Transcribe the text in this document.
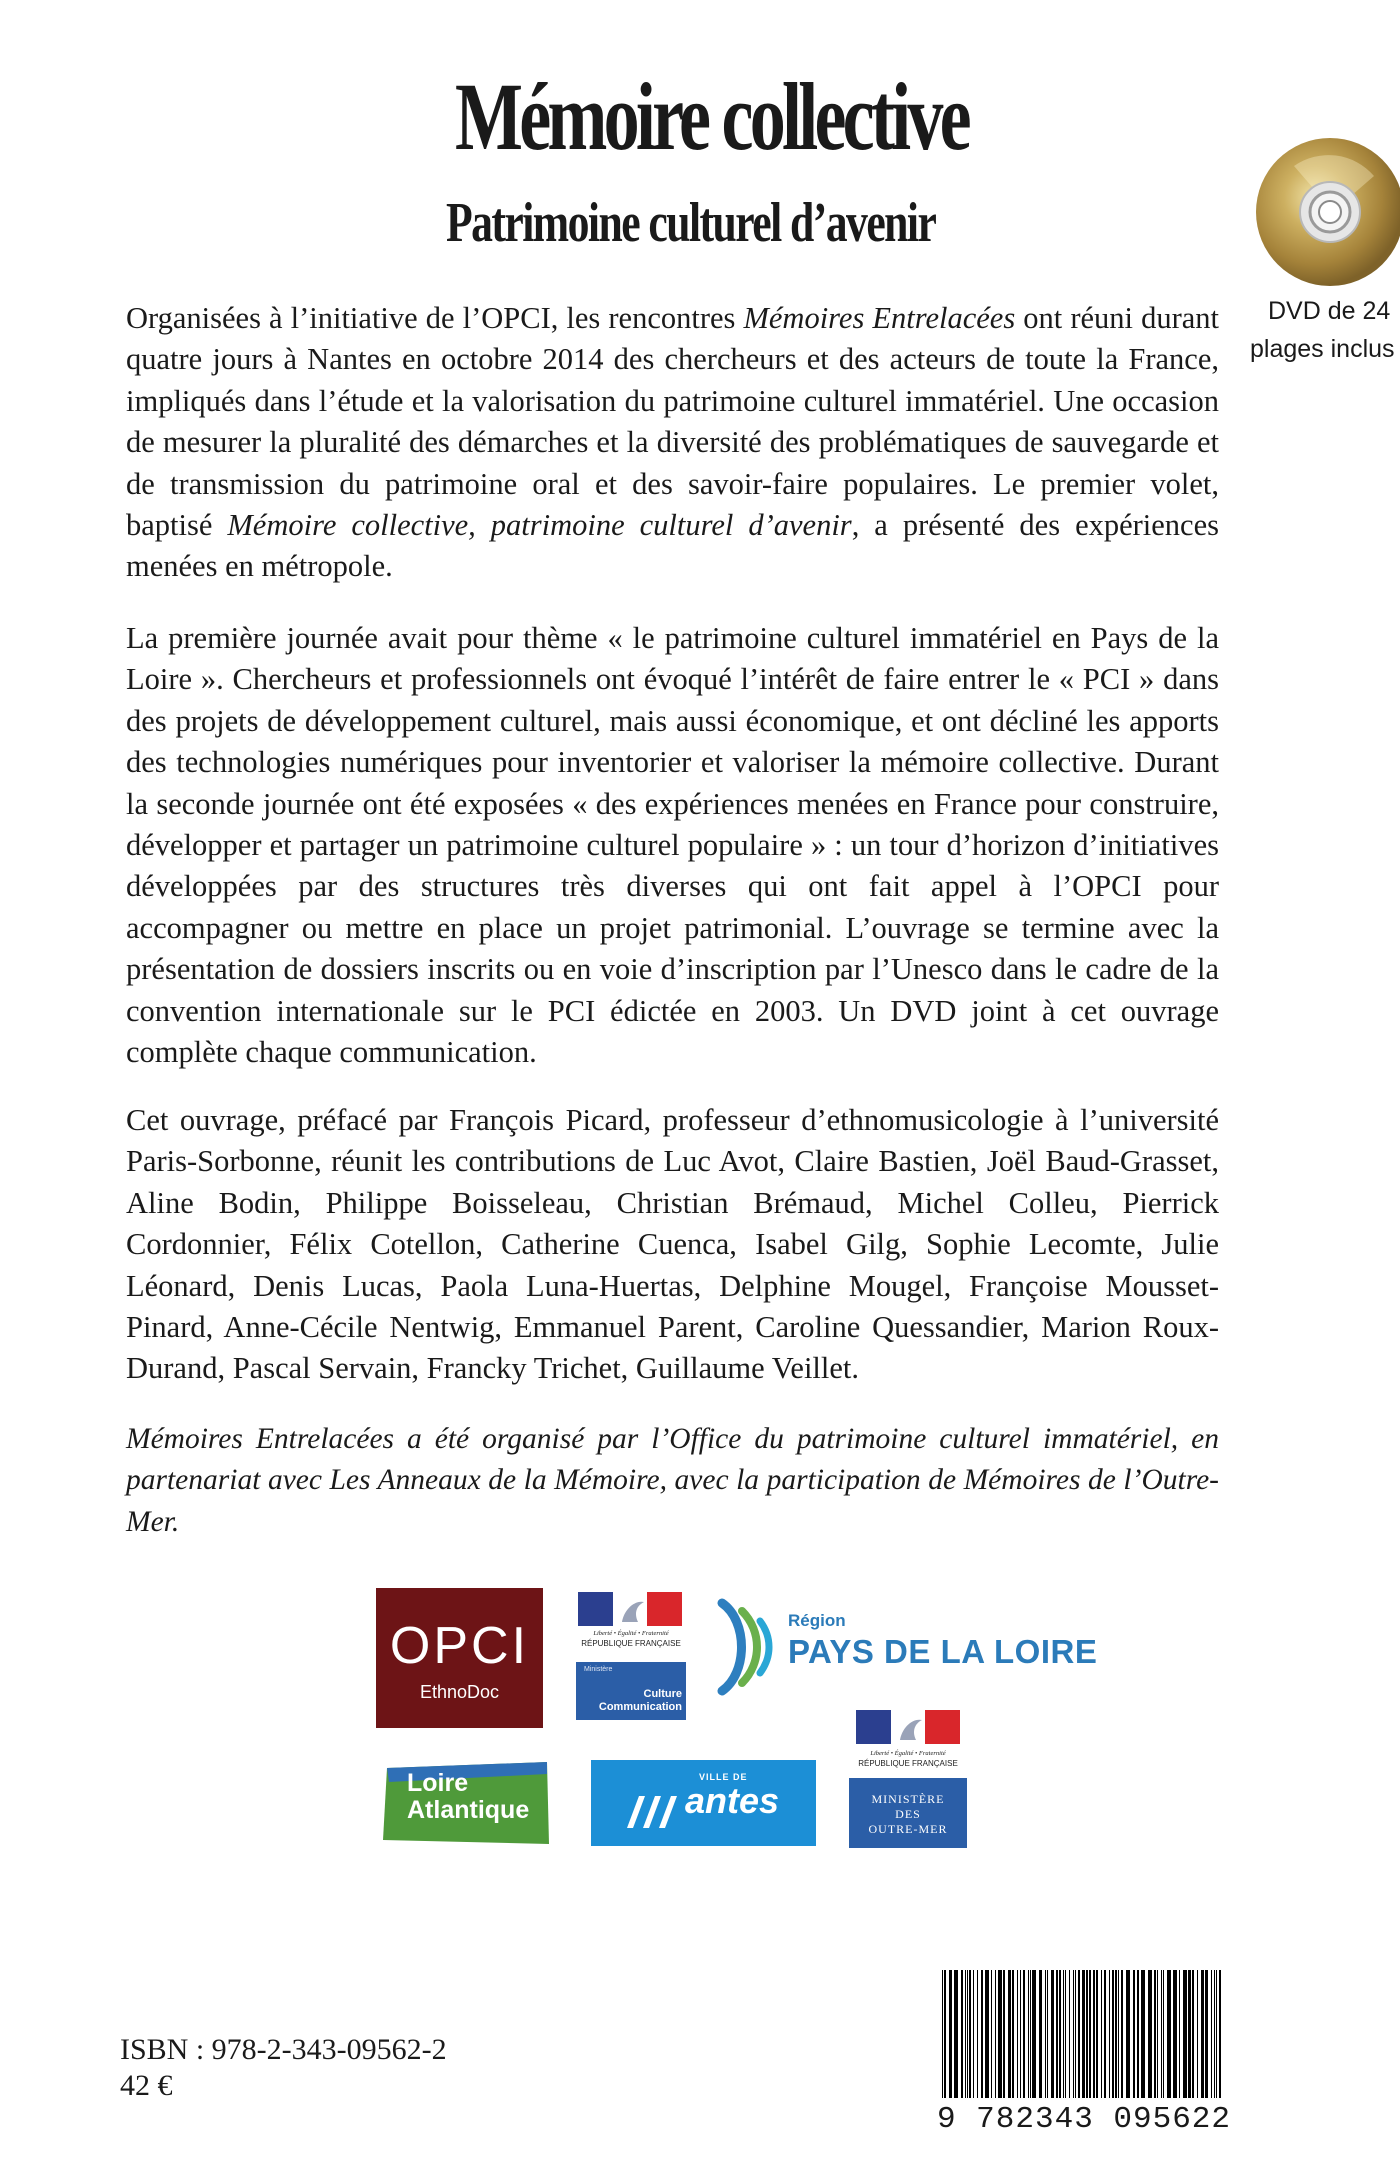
Mémoire collective
Patrimoine culturel d’avenir
DVD de 24
plages inclus

Organisées à l’initiative de l’OPCI, les rencontres Mémoires Entrelacées ont réuni durant quatre jours à Nantes en octobre 2014 des chercheurs et des acteurs de toute la France, impliqués dans l’étude et la valorisation du patrimoine culturel immatériel. Une occasion de mesurer la pluralité des démarches et la diversité des problématiques de sauvegarde et de transmission du patrimoine oral et des savoir-faire populaires. Le premier volet, baptisé Mémoire collective, patrimoine culturel d’avenir, a présenté des expériences menées en métropole.

La première journée avait pour thème « le patrimoine culturel immatériel en Pays de la Loire ». Chercheurs et professionnels ont évoqué l’intérêt de faire entrer le « PCI » dans des projets de développement culturel, mais aussi économique, et ont décliné les apports des technologies numériques pour inventorier et valoriser la mémoire collective. Durant la seconde journée ont été exposées « des expériences menées en France pour construire, développer et partager un patrimoine culturel populaire » : un tour d’horizon d’initiatives développées par des structures très diverses qui ont fait appel à l’OPCI pour accompagner ou mettre en place un projet patrimonial. L’ouvrage se termine avec la présentation de dossiers inscrits ou en voie d’inscription par l’Unesco dans le cadre de la convention internationale sur le PCI édictée en 2003. Un DVD joint à cet ouvrage complète chaque communication.

Cet ouvrage, préfacé par François Picard, professeur d’ethnomusicologie à l’université Paris-Sorbonne, réunit les contributions de Luc Avot, Claire Bastien, Joël Baud-Grasset, Aline Bodin, Philippe Boisseleau, Christian Brémaud, Michel Colleu, Pierrick Cordonnier, Félix Cotellon, Catherine Cuenca, Isabel Gilg, Sophie Lecomte, Julie Léonard, Denis Lucas, Paola Luna-Huertas, Delphine Mougel, Françoise Mousset-Pinard, Anne-Cécile Nentwig, Emmanuel Parent, Caroline Quessandier, Marion Roux-Durand, Pascal Servain, Francky Trichet, Guillaume Veillet.

Mémoires Entrelacées a été organisé par l’Office du patrimoine culturel immatériel, en partenariat avec Les Anneaux de la Mémoire, avec la participation de Mémoires de l’Outre-Mer.

OPCI
EthnoDoc
Liberté • Égalité • Fraternité
RÉPUBLIQUE FRANÇAISE
Ministère
Culture
Communication
Région
PAYS DE LA LOIRE
Loire
Atlantique
VILLE DE
antes
Liberté • Égalité • Fraternité
RÉPUBLIQUE FRANÇAISE
MINISTÈRE
DES
OUTRE-MER

ISBN : 978-2-343-09562-2

42 €

9 782343 095622
